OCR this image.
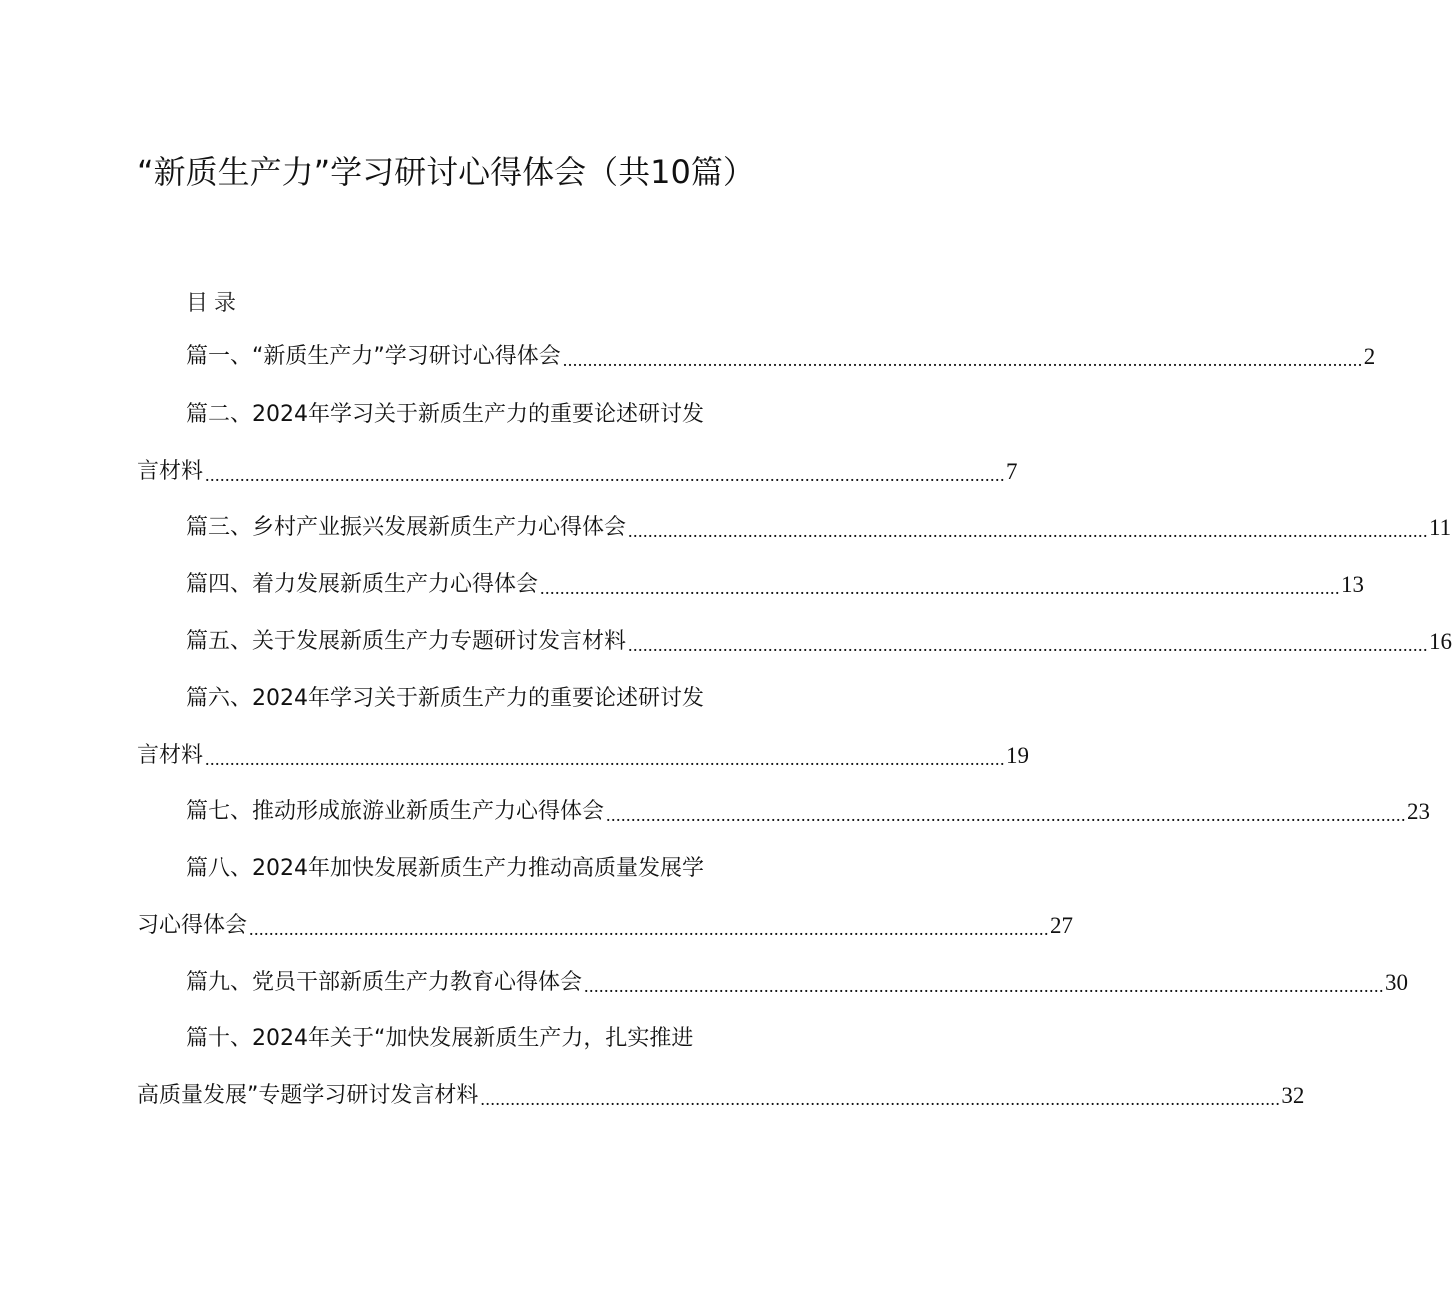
“新质生产力”学习研讨心得体会（共10篇）
目录
篇一、“新质生产力”学习研讨心得体会 ................................................................................................................................................................ 2
篇二、2024年学习关于新质生产力的重要论述研讨发
言材料 ................................................................................................................................................................ 7
篇三、乡村产业振兴发展新质生产力心得体会 ................................................................................................................................................................ 11
篇四、着力发展新质生产力心得体会 ................................................................................................................................................................ 13
篇五、关于发展新质生产力专题研讨发言材料 ................................................................................................................................................................ 16
篇六、2024年学习关于新质生产力的重要论述研讨发
言材料 ................................................................................................................................................................ 19
篇七、推动形成旅游业新质生产力心得体会 ................................................................................................................................................................ 23
篇八、2024年加快发展新质生产力推动高质量发展学
习心得体会 ................................................................................................................................................................ 27
篇九、党员干部新质生产力教育心得体会 ................................................................................................................................................................ 30
篇十、2024年关于“加快发展新质生产力，扎实推进
高质量发展”专题学习研讨发言材料 ................................................................................................................................................................ 32
